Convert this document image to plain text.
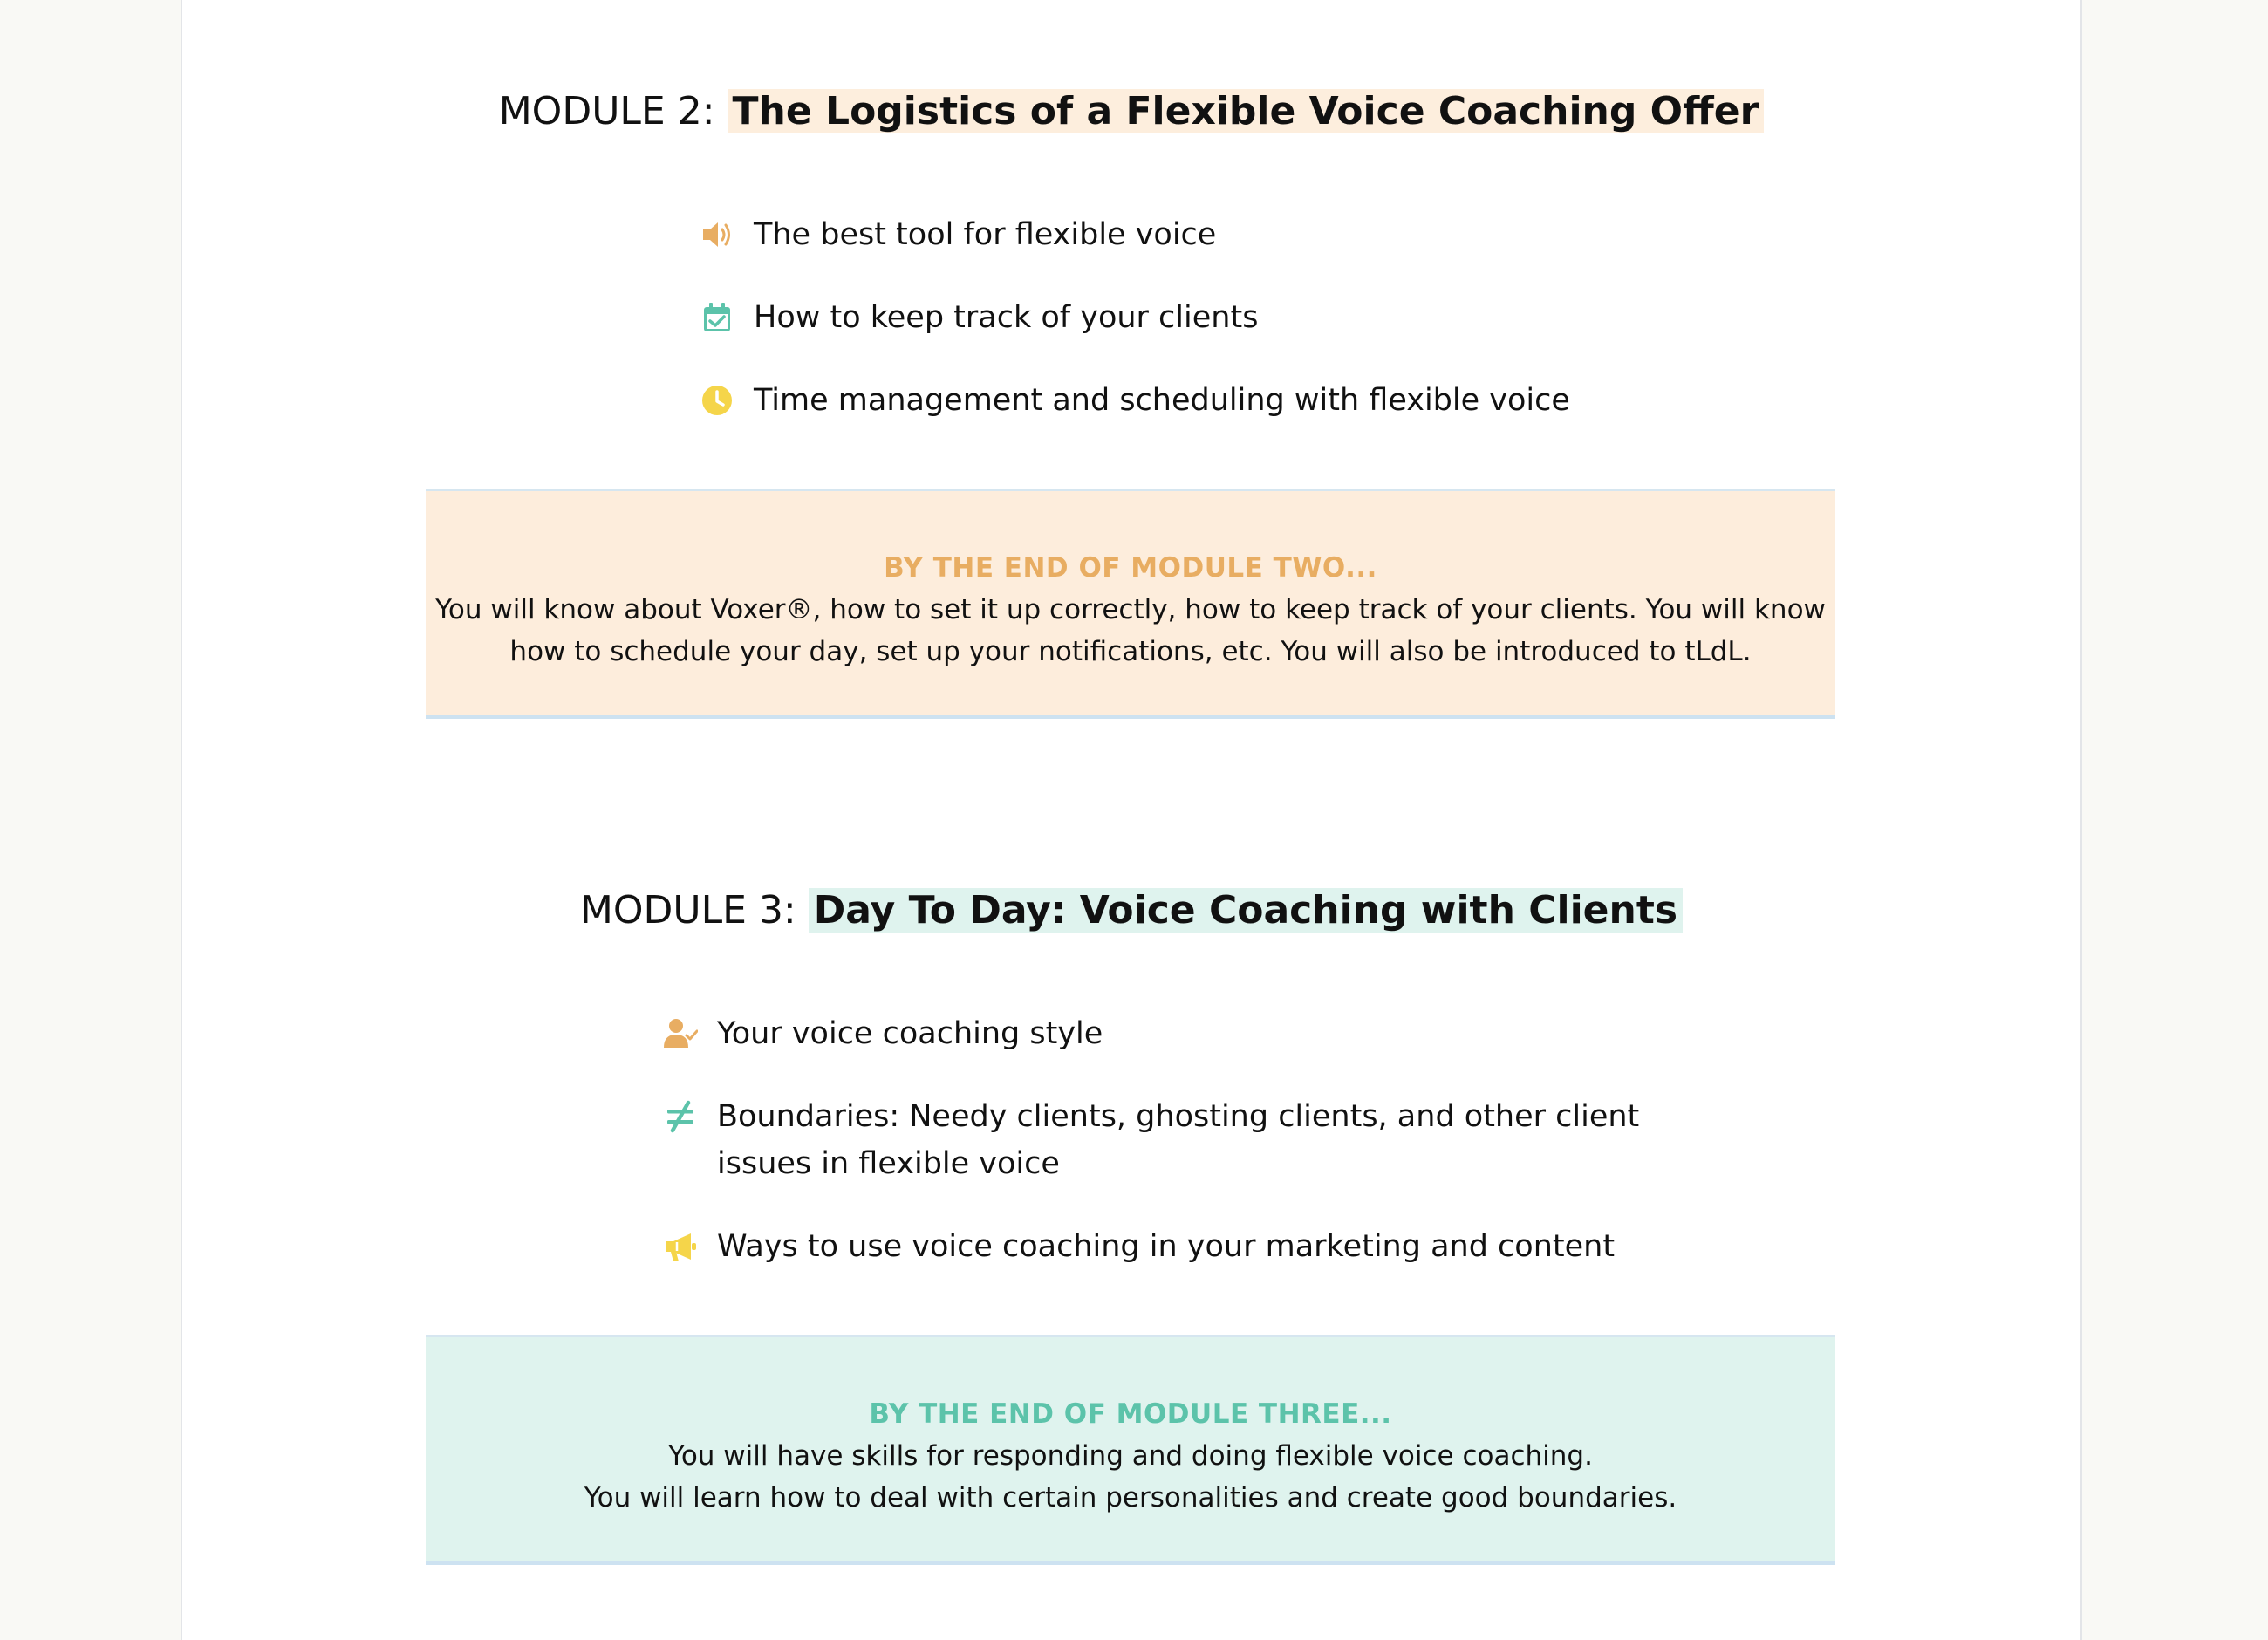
MODULE 2: The Logistics of a Flexible Voice Coaching Offer
The best tool for flexible voice
How to keep track of your clients
Time management and scheduling with flexible voice
BY THE END OF MODULE TWO...
You will know about Voxer®, how to set it up correctly, how to keep track of your clients. You will know
how to schedule your day, set up your notifications, etc. You will also be introduced to tLdL.
MODULE 3: Day To Day: Voice Coaching with Clients
Your voice coaching style
Boundaries: Needy clients, ghosting clients, and other client
issues in flexible voice
Ways to use voice coaching in your marketing and content
BY THE END OF MODULE THREE...
You will have skills for responding and doing flexible voice coaching.
You will learn how to deal with certain personalities and create good boundaries.
